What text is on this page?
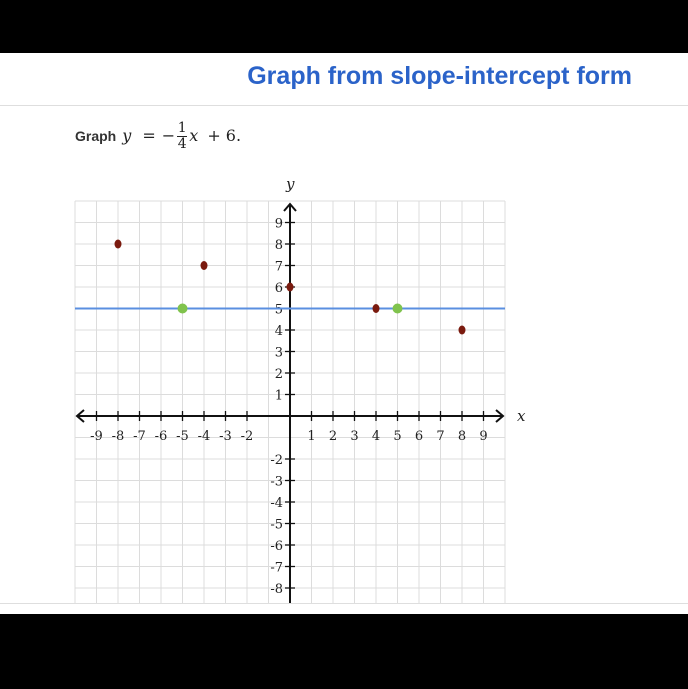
Graph from slope-intercept form
Graph y = − $\frac{1}{4}$ x + 6.
x
y
-9 -8 -7 -6 -5 -4 -3 -2	1 2 3 4 5 6 7 8 9
9
8
7
6
5
4
3
2
1
-2
-3
-4
-5
-6
-7
-8
